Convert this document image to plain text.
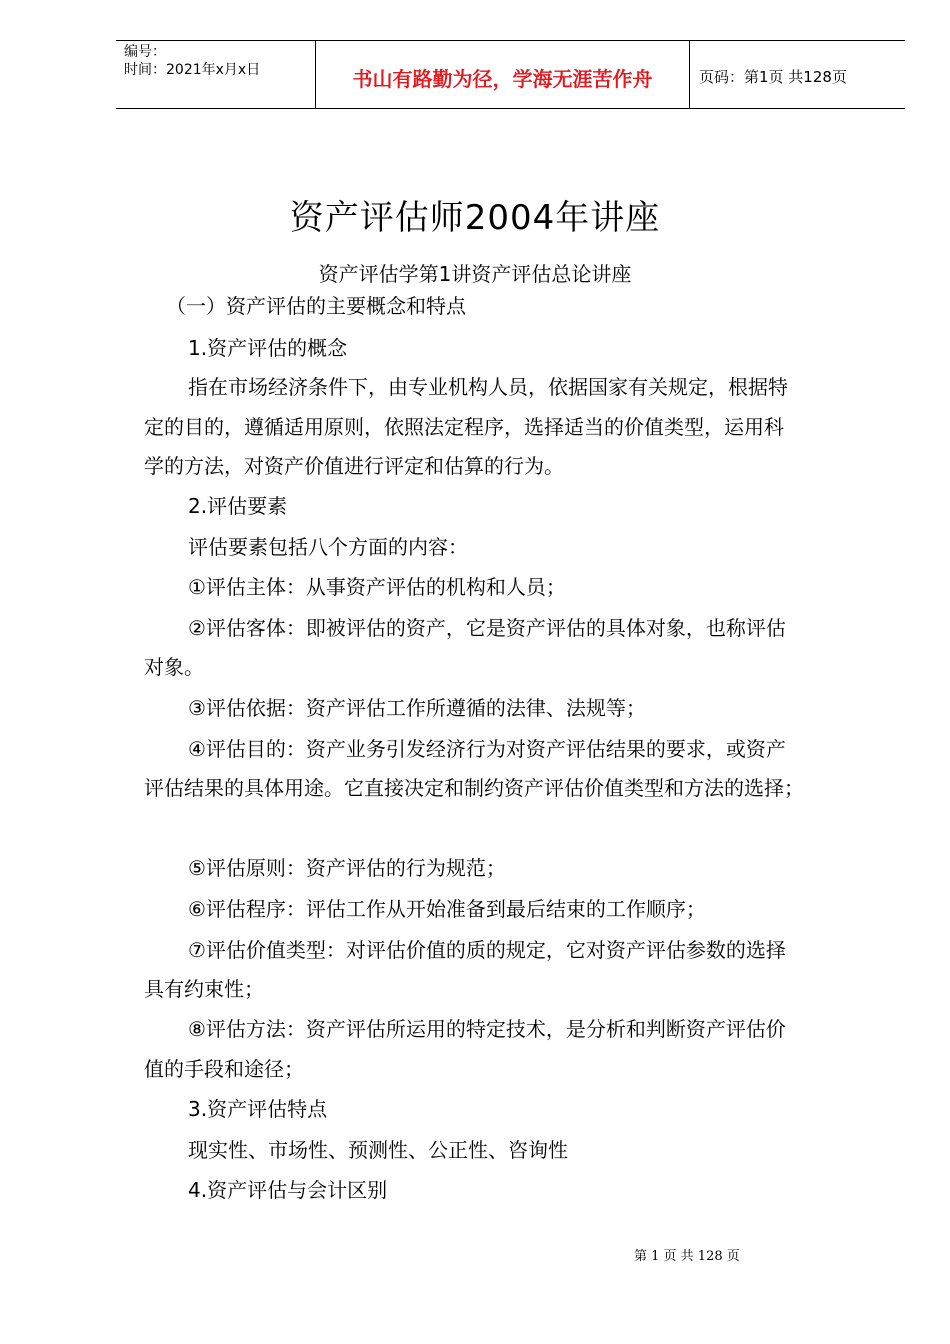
编号：
时间：2021年x月x日	书山有路勤为径，学海无涯苦作舟	页码：第1页 共128页
资产评估师2004年讲座
资产评估学第1讲资产评估总论讲座
（一）资产评估的主要概念和特点
1.资产评估的概念
指在市场经济条件下，由专业机构人员，依据国家有关规定，根据特
定的目的，遵循适用原则，依照法定程序，选择适当的价值类型，运用科
学的方法，对资产价值进行评定和估算的行为。
2.评估要素
评估要素包括八个方面的内容：
①评估主体：从事资产评估的机构和人员；
②评估客体：即被评估的资产，它是资产评估的具体对象，也称评估
对象。
③评估依据：资产评估工作所遵循的法律、法规等；
④评估目的：资产业务引发经济行为对资产评估结果的要求，或资产
评估结果的具体用途。它直接决定和制约资产评估价值类型和方法的选择；
⑤评估原则：资产评估的行为规范；
⑥评估程序：评估工作从开始准备到最后结束的工作顺序；
⑦评估价值类型：对评估价值的质的规定，它对资产评估参数的选择
具有约束性；
⑧评估方法：资产评估所运用的特定技术，是分析和判断资产评估价
值的手段和途径；
3.资产评估特点
现实性、市场性、预测性、公正性、咨询性
4.资产评估与会计区别
第 1 页 共 128 页
